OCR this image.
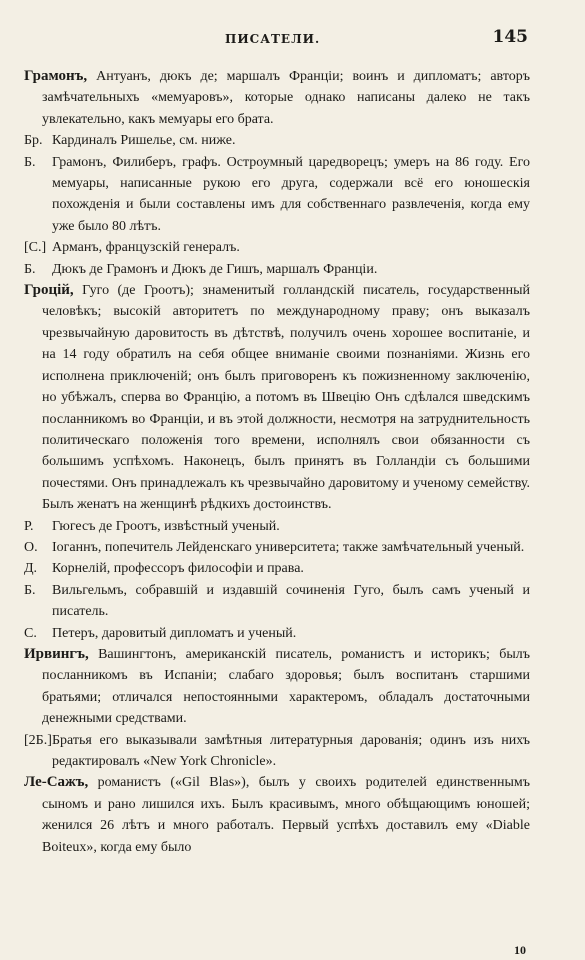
ПИСАТЕЛИ.	145

Грамонъ, Антуанъ, дюкъ де; маршалъ Франціи; воинъ и дипломатъ; авторъ замѣчательныхъ «мемуаровъ», которые однако написаны далеко не такъ увлекательно, какъ мемуары его брата.

Бр. Кардиналъ Ришелье, см. ниже.

Б.	Грамонъ, Филиберъ, графъ. Остроумный царедворецъ; умеръ на 86 году. Его мемуары, написанные рукою его друга, содержали всё его юношескія похожденія и были составлены имъ для собственнаго развлеченія, когда ему уже было 80 лѣтъ.

[С.] Арманъ, французскій генералъ.

Б.	Дюкъ де Грамонъ и Дюкъ де Гишъ, маршалъ Франціи.

Гроцій, Гуго (де Гроотъ); знаменитый голландскій писатель, государственный человѣкъ; высокій авторитетъ по международному праву; онъ выказалъ чрезвычайную даровитость въ дѣтствѣ, получилъ очень хорошее воспитаніе, и на 14 году обратилъ на себя общее вниманіе своими познаніями. Жизнь его исполнена приключеній; онъ былъ приговоренъ къ пожизненному заключенію, но убѣжалъ, сперва во Францію, а потомъ въ Швецію Онъ сдѣлался шведскимъ посланникомъ во Франціи, и въ этой должности, несмотря на затруднительность политическаго положенія того времени, исполнялъ свои обязанности съ большимъ успѣхомъ. Наконецъ, былъ принятъ въ Голландіи съ большими почестями. Онъ принадлежалъ къ чрезвычайно даровитому и ученому семейству. Былъ женатъ на женщинѣ рѣдкихъ достоинствъ.

Р.	Гюгесъ де Гроотъ, извѣстный ученый.

О.	Іоганнъ, попечитель Лейденскаго университета; также замѣчательный ученый.

Д.	Корнелій, профессоръ философіи и права.

Б.	Вильгельмъ, собравшій и издавшій сочиненія Гуго, былъ самъ ученый и писатель.

С.	Петеръ, даровитый дипломатъ и ученый.

Ирвингъ, Вашингтонъ, американскій писатель, романистъ и историкъ; былъ посланникомъ въ Испаніи; слабаго здоровья; былъ воспитанъ старшими братьями; отличался непостоянными характеромъ, обладалъ достаточными денежными средствами.

[2Б.] Братья его выказывали замѣтныя литературныя дарованія; одинъ изъ нихъ редактировалъ «New York Chronicle».

Ле-Сажъ, романистъ («Gil Blas»), былъ у своихъ родителей единственнымъ сыномъ и рано лишился ихъ. Былъ красивымъ, много обѣщающимъ юношей; женился 26 лѣтъ и много работалъ. Первый успѣхъ доставилъ ему «Diable Boiteux», когда ему было

10
